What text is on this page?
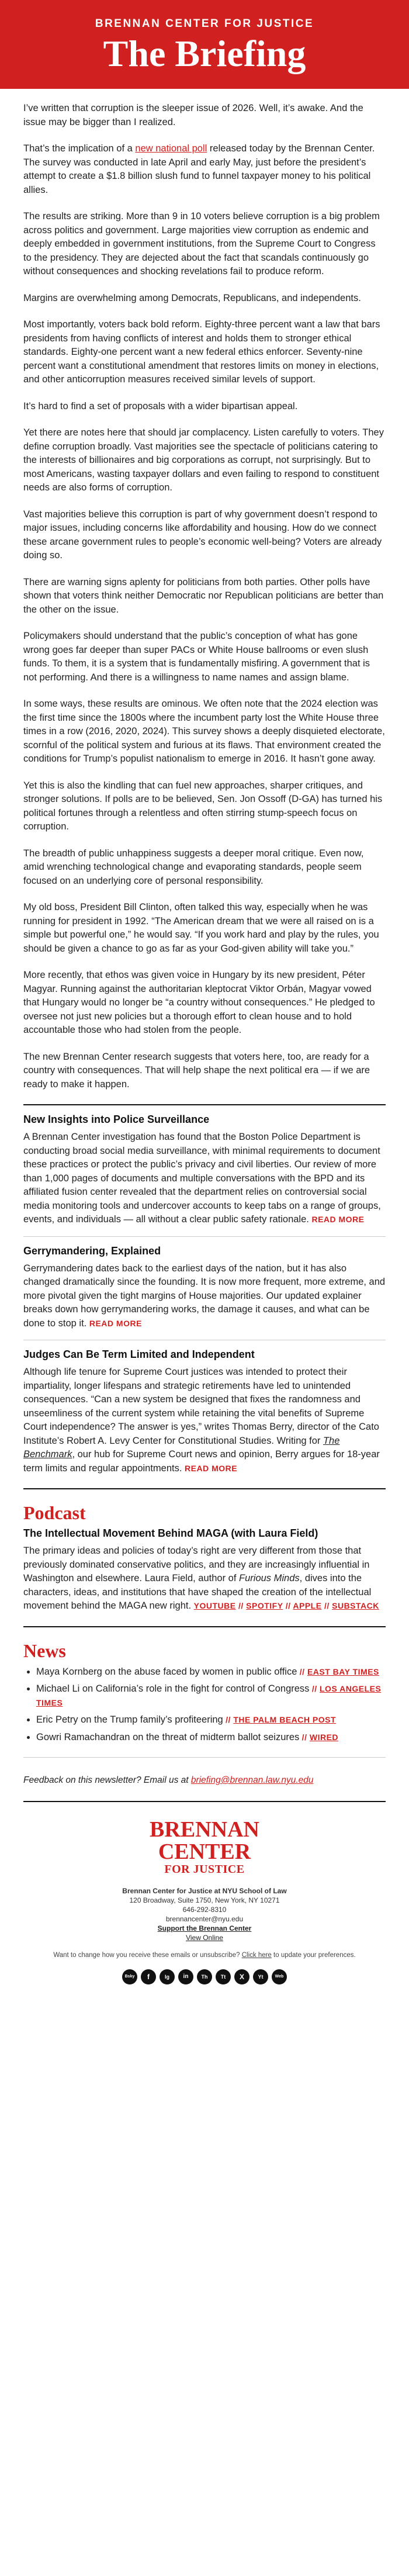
BRENNAN CENTER FOR JUSTICE
The Briefing

I’ve written that corruption is the sleeper issue of 2026. Well, it’s awake. And the issue may be bigger than I realized.

That’s the implication of a new national poll released today by the Brennan Center. The survey was conducted in late April and early May, just before the president’s attempt to create a $1.8 billion slush fund to funnel taxpayer money to his political allies.

The results are striking. More than 9 in 10 voters believe corruption is a big problem across politics and government. Large majorities view corruption as endemic and deeply embedded in government institutions, from the Supreme Court to Congress to the presidency. They are dejected about the fact that scandals continuously go without consequences and shocking revelations fail to produce reform.

Margins are overwhelming among Democrats, Republicans, and independents.

Most importantly, voters back bold reform. Eighty-three percent want a law that bars presidents from having conflicts of interest and holds them to stronger ethical standards. Eighty-one percent want a new federal ethics enforcer. Seventy-nine percent want a constitutional amendment that restores limits on money in elections, and other anticorruption measures received similar levels of support.

It’s hard to find a set of proposals with a wider bipartisan appeal.

Yet there are notes here that should jar complacency. Listen carefully to voters. They define corruption broadly. Vast majorities see the spectacle of politicians catering to the interests of billionaires and big corporations as corrupt, not surprisingly. But to most Americans, wasting taxpayer dollars and even failing to respond to constituent needs are also forms of corruption.

Vast majorities believe this corruption is part of why government doesn’t respond to major issues, including concerns like affordability and housing. How do we connect these arcane government rules to people’s economic well-being? Voters are already doing so.

There are warning signs aplenty for politicians from both parties. Other polls have shown that voters think neither Democratic nor Republican politicians are better than the other on the issue.

Policymakers should understand that the public’s conception of what has gone wrong goes far deeper than super PACs or White House ballrooms or even slush funds. To them, it is a system that is fundamentally misfiring. A government that is not performing. And there is a willingness to name names and assign blame.

In some ways, these results are ominous. We often note that the 2024 election was the first time since the 1800s where the incumbent party lost the White House three times in a row (2016, 2020, 2024). This survey shows a deeply disquieted electorate, scornful of the political system and furious at its flaws. That environment created the conditions for Trump’s populist nationalism to emerge in 2016. It hasn’t gone away.

Yet this is also the kindling that can fuel new approaches, sharper critiques, and stronger solutions. If polls are to be believed, Sen. Jon Ossoff (D-GA) has turned his political fortunes through a relentless and often stirring stump-speech focus on corruption.

The breadth of public unhappiness suggests a deeper moral critique. Even now, amid wrenching technological change and evaporating standards, people seem focused on an underlying core of personal responsibility.

My old boss, President Bill Clinton, often talked this way, especially when he was running for president in 1992. “The American dream that we were all raised on is a simple but powerful one,” he would say. “If you work hard and play by the rules, you should be given a chance to go as far as your God-given ability will take you.”

More recently, that ethos was given voice in Hungary by its new president, Péter Magyar. Running against the authoritarian kleptocrat Viktor Orbán, Magyar vowed that Hungary would no longer be “a country without consequences.” He pledged to oversee not just new policies but a thorough effort to clean house and to hold accountable those who had stolen from the people.

The new Brennan Center research suggests that voters here, too, are ready for a country with consequences. That will help shape the next political era — if we are ready to make it happen.

New Insights into Police Surveillance

A Brennan Center investigation has found that the Boston Police Department is conducting broad social media surveillance, with minimal requirements to document these practices or protect the public’s privacy and civil liberties. Our review of more than 1,000 pages of documents and multiple conversations with the BPD and its affiliated fusion center revealed that the department relies on controversial social media monitoring tools and undercover accounts to keep tabs on a range of groups, events, and individuals — all without a clear public safety rationale. READ MORE

Gerrymandering, Explained

Gerrymandering dates back to the earliest days of the nation, but it has also changed dramatically since the founding. It is now more frequent, more extreme, and more pivotal given the tight margins of House majorities. Our updated explainer breaks down how gerrymandering works, the damage it causes, and what can be done to stop it. READ MORE

Judges Can Be Term Limited and Independent

Although life tenure for Supreme Court justices was intended to protect their impartiality, longer lifespans and strategic retirements have led to unintended consequences. “Can a new system be designed that fixes the randomness and unseemliness of the current system while retaining the vital benefits of Supreme Court independence? The answer is yes,” writes Thomas Berry, director of the Cato Institute’s Robert A. Levy Center for Constitutional Studies. Writing for The Benchmark, our hub for Supreme Court news and opinion, Berry argues for 18-year term limits and regular appointments. READ MORE

Podcast
The Intellectual Movement Behind MAGA (with Laura Field)

The primary ideas and policies of today’s right are very different from those that previously dominated conservative politics, and they are increasingly influential in Washington and elsewhere. Laura Field, author of Furious Minds, dives into the characters, ideas, and institutions that have shaped the creation of the intellectual movement behind the MAGA new right. YOUTUBE // SPOTIFY // APPLE // SUBSTACK

News
• Maya Kornberg on the abuse faced by women in public office // EAST BAY TIMES
• Michael Li on California’s role in the fight for control of Congress // LOS ANGELES TIMES
• Eric Petry on the Trump family’s profiteering // THE PALM BEACH POST
• Gowri Ramachandran on the threat of midterm ballot seizures // WIRED
Feedback on this newsletter? Email us at briefing@brennan.law.nyu.edu
BRENNAN
CENTER
FOR JUSTICE
Brennan Center for Justice at NYU School of Law
120 Broadway, Suite 1750, New York, NY 10271
646-292-8310
brennancenter@nyu.edu
Support the Brennan Center
View Online
Want to change how you receive these emails or unsubscribe? Click here to update your preferences.
Bsky	f	Ig	in	Th	Tt	X	Yt	Web
